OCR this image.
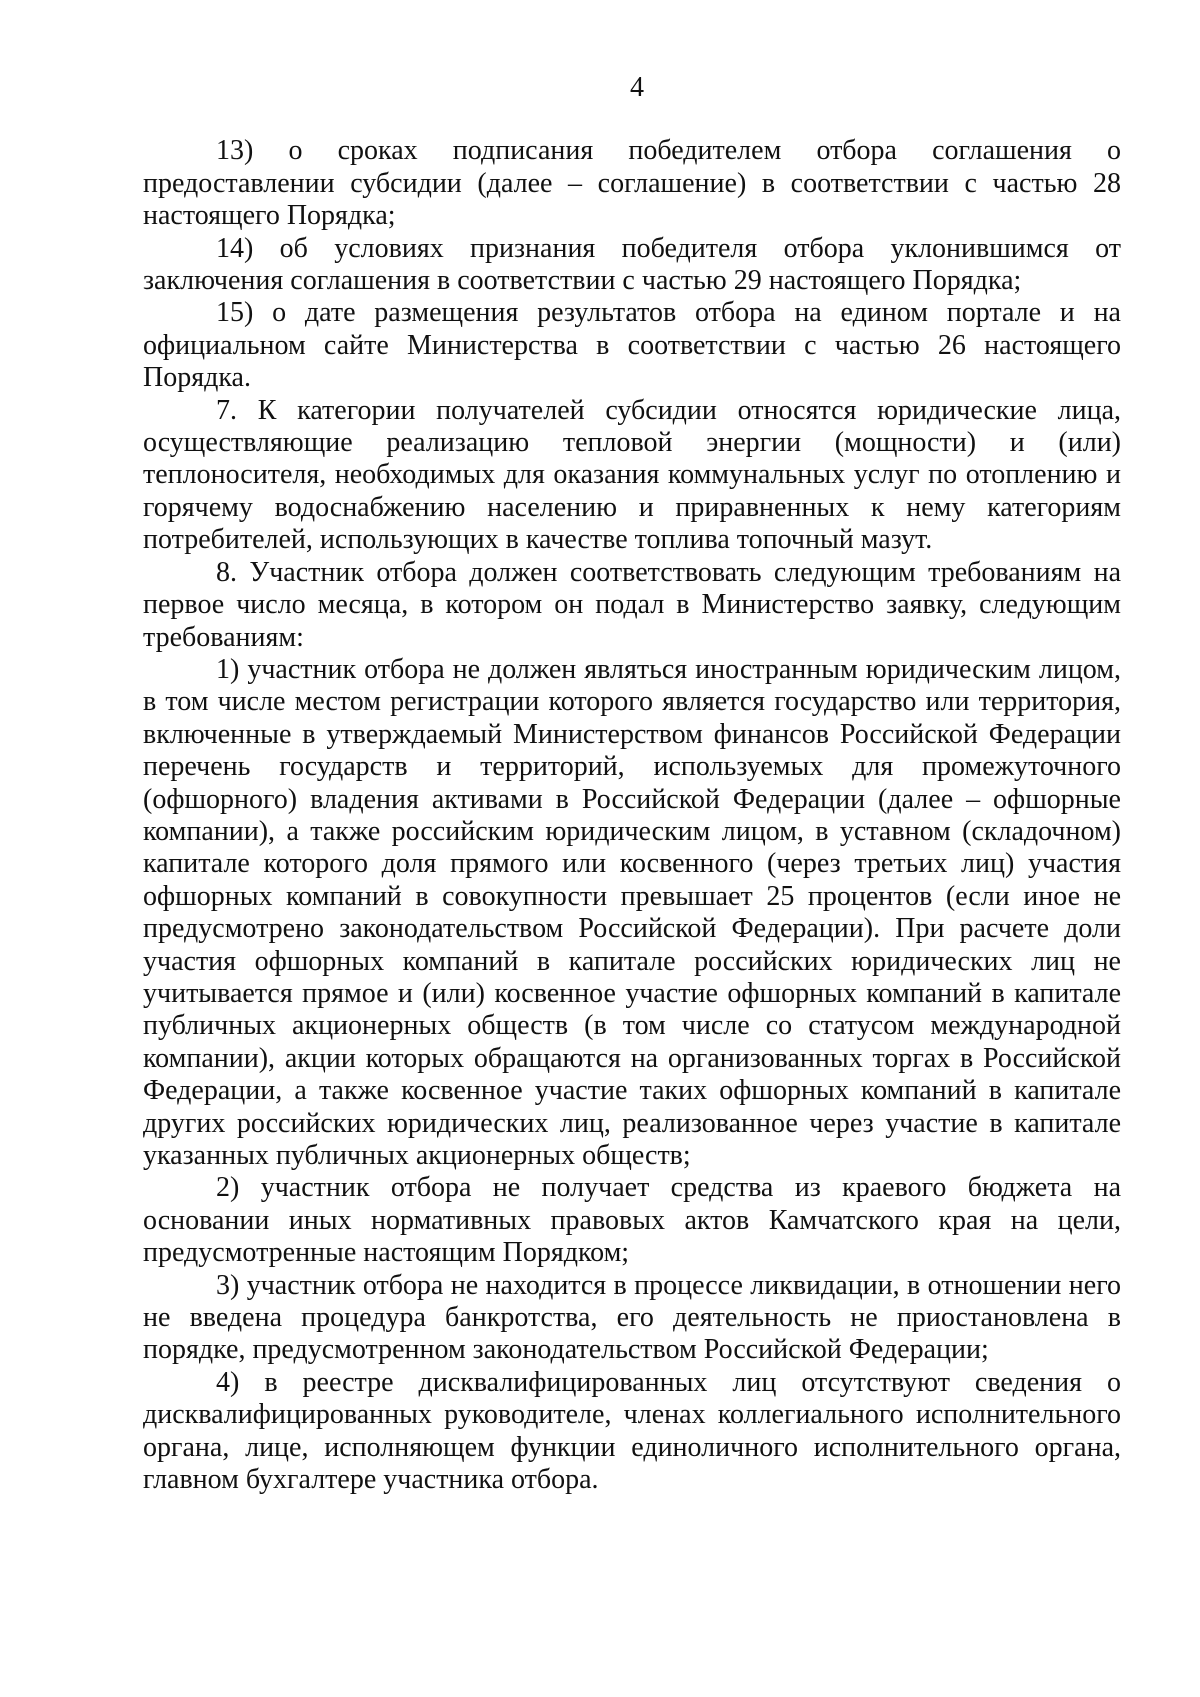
4

13) о сроках подписания победителем отбора соглашения о предоставлении субсидии (далее – соглашение) в соответствии с частью 28 настоящего Порядка;

14) об условиях признания победителя отбора уклонившимся от заключения соглашения в соответствии с частью 29 настоящего Порядка;

15) о дате размещения результатов отбора на едином портале и на официальном сайте Министерства в соответствии с частью 26 настоящего Порядка.

7. К категории получателей субсидии относятся юридические лица, осуществляющие реализацию тепловой энергии (мощности) и (или) теплоносителя, необходимых для оказания коммунальных услуг по отоплению и горячему водоснабжению населению и приравненных к нему категориям потребителей, использующих в качестве топлива топочный мазут.

8. Участник отбора должен соответствовать следующим требованиям на первое число месяца, в котором он подал в Министерство заявку, следующим требованиям:

1) участник отбора не должен являться иностранным юридическим лицом, в том числе местом регистрации которого является государство или территория, включенные в утверждаемый Министерством финансов Российской Федерации перечень государств и территорий, используемых для промежуточного (офшорного) владения активами в Российской Федерации (далее – офшорные компании), а также российским юридическим лицом, в уставном (складочном) капитале которого доля прямого или косвенного (через третьих лиц) участия офшорных компаний в совокупности превышает 25 процентов (если иное не предусмотрено законодательством Российской Федерации). При расчете доли участия офшорных компаний в капитале российских юридических лиц не учитывается прямое и (или) косвенное участие офшорных компаний в капитале публичных акционерных обществ (в том числе со статусом международной компании), акции которых обращаются на организованных торгах в Российской Федерации, а также косвенное участие таких офшорных компаний в капитале других российских юридических лиц, реализованное через участие в капитале указанных публичных акционерных обществ;

2) участник отбора не получает средства из краевого бюджета на основании иных нормативных правовых актов Камчатского края на цели, предусмотренные настоящим Порядком;

3) участник отбора не находится в процессе ликвидации, в отношении него не введена процедура банкротства, его деятельность не приостановлена в порядке, предусмотренном законодательством Российской Федерации;

4) в реестре дисквалифицированных лиц отсутствуют сведения о дисквалифицированных руководителе, членах коллегиального исполнительного органа, лице, исполняющем функции единоличного исполнительного органа, главном бухгалтере участника отбора.
